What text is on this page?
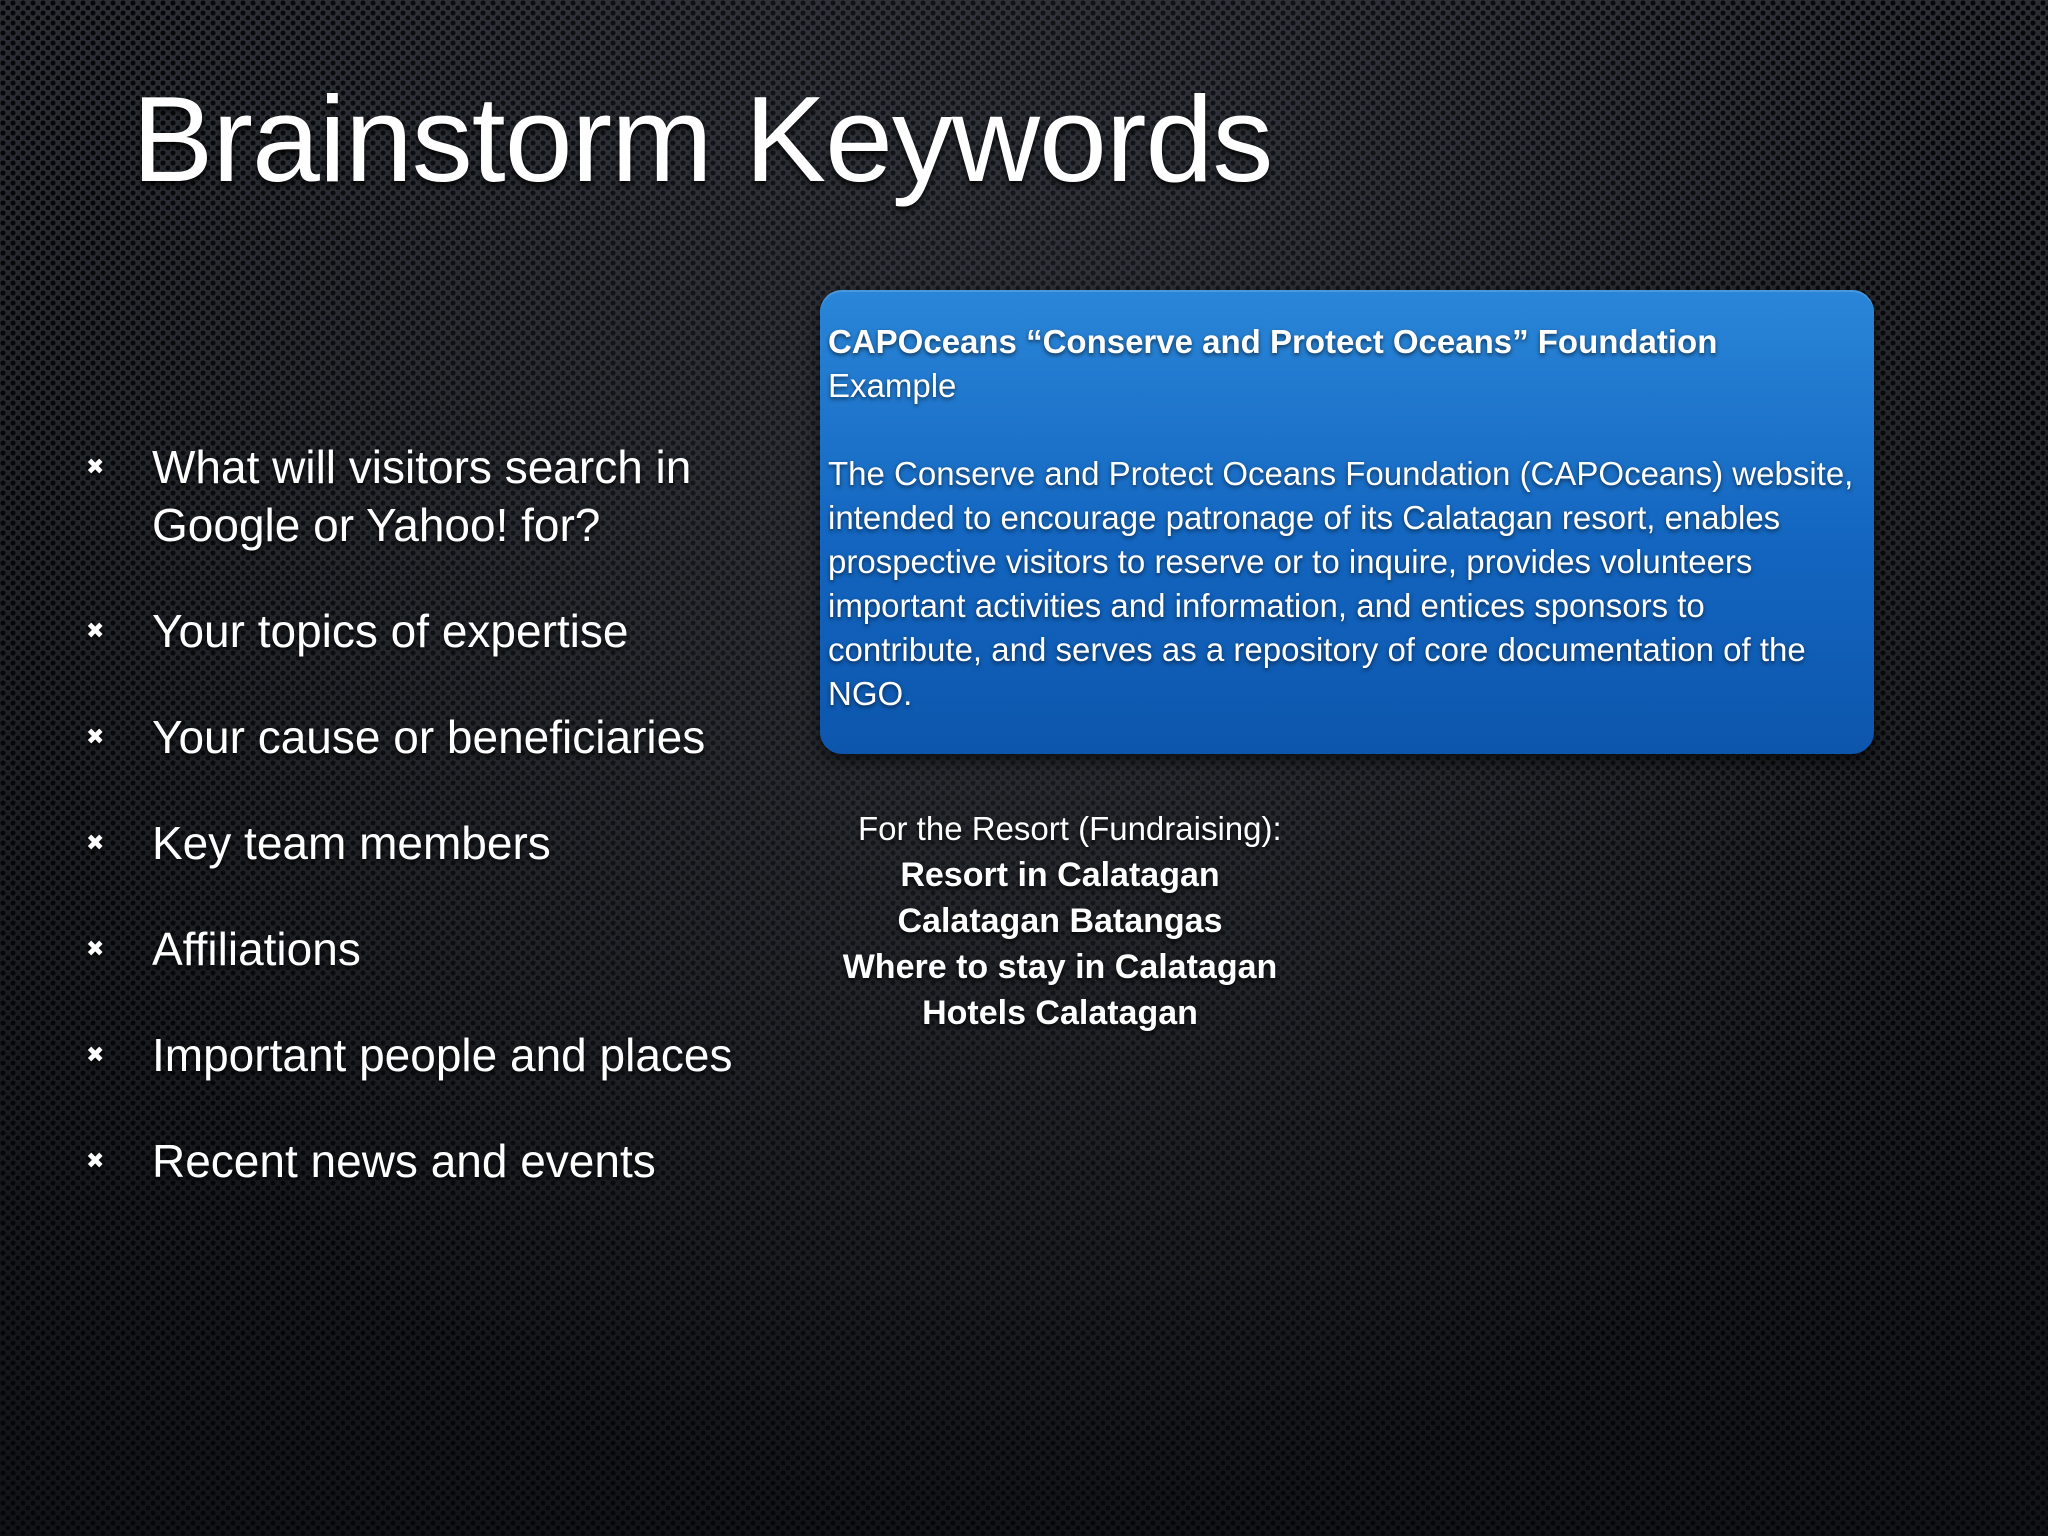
Brainstorm Keywords
✖ What will visitors search in Google or Yahoo! for?
✖ Your topics of expertise
✖ Your cause or beneficiaries
✖ Key team members
✖ Affiliations
✖ Important people and places
✖ Recent news and events
CAPOceans “Conserve and Protect Oceans” Foundation
Example
The Conserve and Protect Oceans Foundation (CAPOceans) website, intended to encourage patronage of its Calatagan resort, enables prospective visitors to reserve or to inquire, provides volunteers important activities and information, and entices sponsors to contribute, and serves as a repository of core documentation of the NGO.
For the Resort (Fundraising):
Resort in Calatagan
Calatagan Batangas
Where to stay in Calatagan
Hotels Calatagan
